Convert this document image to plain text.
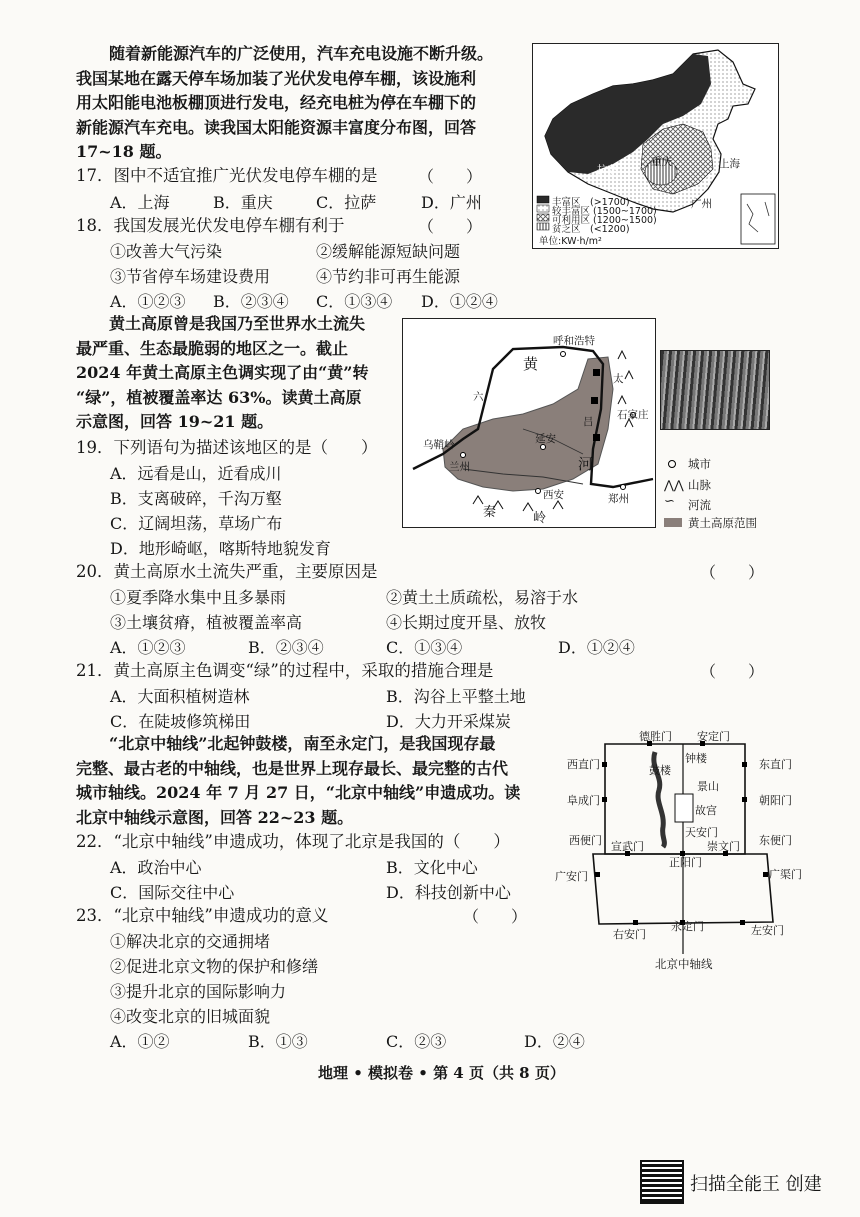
随着新能源汽车的广泛使用，汽车充电设施不断升级。
我国某地在露天停车场加装了光伏发电停车棚，该设施利
用太阳能电池板棚顶进行发电，经充电桩为停在车棚下的
新能源汽车充电。读我国太阳能资源丰富度分布图，回答
17~18 题。
17．图中不适宜推广光伏发电停车棚的是	（　　）
A．上海	B．重庆	C．拉萨	D．广州
18．我国发展光伏发电停车棚有利于	（　　）
①改善大气污染	②缓解能源短缺问题
③节省停车场建设费用	④节约非可再生能源
A．①②③ B．②③④ C．①③④ D．①②④
拉萨
重庆	上海
广州
丰富区　(>1700)
较丰富区 (1500~1700)
可利用区 (1200~1500)
贫乏区　(<1200)
单位:KW·h/m²
黄土高原曾是我国乃至世界水土流失
最严重、生态最脆弱的地区之一。截止
2024 年黄土高原主色调实现了由“黄”转
“绿”，植被覆盖率达 63%。读黄土高原
示意图，回答 19~21 题。
呼和浩特
黄
乌鞘岭
兰州
延安
河
西安	郑州
秦	岭
石家庄
太
吕
六
城市
⋀⋀ 山脉
∽ 河流
黄土高原范围
19．下列语句为描述该地区的是（　　）
A．远看是山，近看成川
B．支离破碎，千沟万壑
C．辽阔坦荡，草场广布
D．地形崎岖，喀斯特地貌发育
20．黄土高原水土流失严重，主要原因是	（　　）
①夏季降水集中且多暴雨	②黄土土质疏松，易溶于水
③土壤贫瘠，植被覆盖率高	④长期过度开垦、放牧
A．①②③	B．②③④	C．①③④	D．①②④
21．黄土高原主色调变“绿”的过程中，采取的措施合理是	（　　）
A．大面积植树造林	B．沟谷上平整土地
C．在陡坡修筑梯田	D．大力开采煤炭
“北京中轴线”北起钟鼓楼，南至永定门，是我国现存最
完整、最古老的中轴线，也是世界上现存最长、最完整的古代
城市轴线。2024 年 7 月 27 日，“北京中轴线”申遗成功。读
北京中轴线示意图，回答 22~23 题。
22．“北京中轴线”申遗成功，体现了北京是我国的（　　）
A．政治中心	B．文化中心
C．国际交往中心	D．科技创新中心
23．“北京中轴线”申遗成功的意义	（　　）
①解决北京的交通拥堵
②促进北京文物的保护和修缮
③提升北京的国际影响力
④改变北京的旧城面貌
A．①②	B．①③	C．②③	D．②④
德胜门 安定门
西直门	东直门
阜成门	朝阳门
西便门	东便门
宣武门
正阳门
崇文门
广安门	广渠门
右安门
永定门	左安门
钟楼
鼓楼
景山
故宫
天安门
北京中轴线
地理 • 模拟卷 • 第 4 页（共 8 页）
扫描全能王 创建
